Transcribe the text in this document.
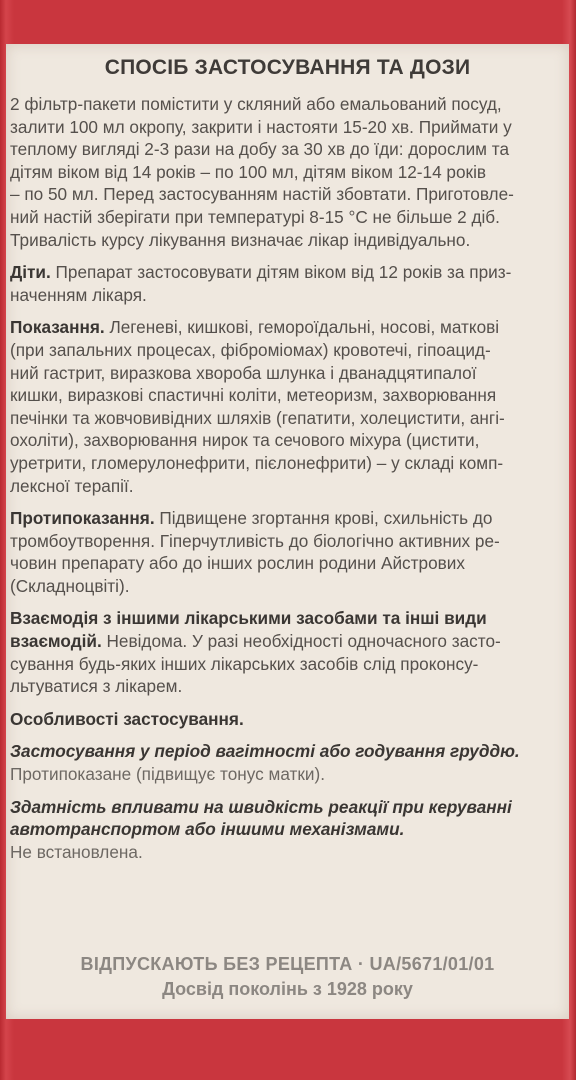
СПОСІБ ЗАСТОСУВАННЯ ТА ДОЗИ
2 фільтр-пакети помістити у скляний або емальований посуд,
залити 100 мл окропу, закрити і настояти 15-20 хв. Приймати у
теплому вигляді 2-3 рази на добу за 30 хв до їди: дорослим та
дітям віком від 14 років – по 100 мл, дітям віком 12-14 років
– по 50 мл. Перед застосуванням настій збовтати. Приготовле-
ний настій зберігати при температурі 8-15 °С не більше 2 діб.
Тривалість курсу лікування визначає лікар індивідуально.
Діти. Препарат застосовувати дітям віком від 12 років за приз-
наченням лікаря.
Показання. Легеневі, кишкові, геморoїдальні, носові, маткові
(при запальних процесах, фіброміомах) кровотечі, гіпоацид-
ний гастрит, виразкова хвороба шлунка і дванадцятипалої
кишки, виразкові спастичні коліти, метеоризм, захворювання
печінки та жовчовивідних шляхів (гепатити, холецистити, ангі-
охоліти), захворювання нирок та сечового міхура (цистити,
уретрити, гломерулонефрити, пієлонефрити) – у складі комп-
лексної терапії.
Протипоказання. Підвищене згортання крові, схильність до
тромбоутворення. Гіперчутливість до біологічно активних ре-
човин препарату або до інших рослин родини Айстрових
(Складноцвіті).
Взаємодія з іншими лікарськими засобами та інші види
взаємодій. Невідома. У разі необхідності одночасного засто-
сування будь-яких інших лікарських засобів слід проконсу-
льтуватися з лікарем.
Особливості застосування.
Застосування у період вагітності або годування груддю.
Протипоказане (підвищує тонус матки).
Здатність впливати на швидкість реакції при керуванні
автотранспортом або іншими механізмами.
Не встановлена.
ВІДПУСКАЮТЬ БЕЗ РЕЦЕПТА · UA/5671/01/01
Досвід поколінь з 1928 року
